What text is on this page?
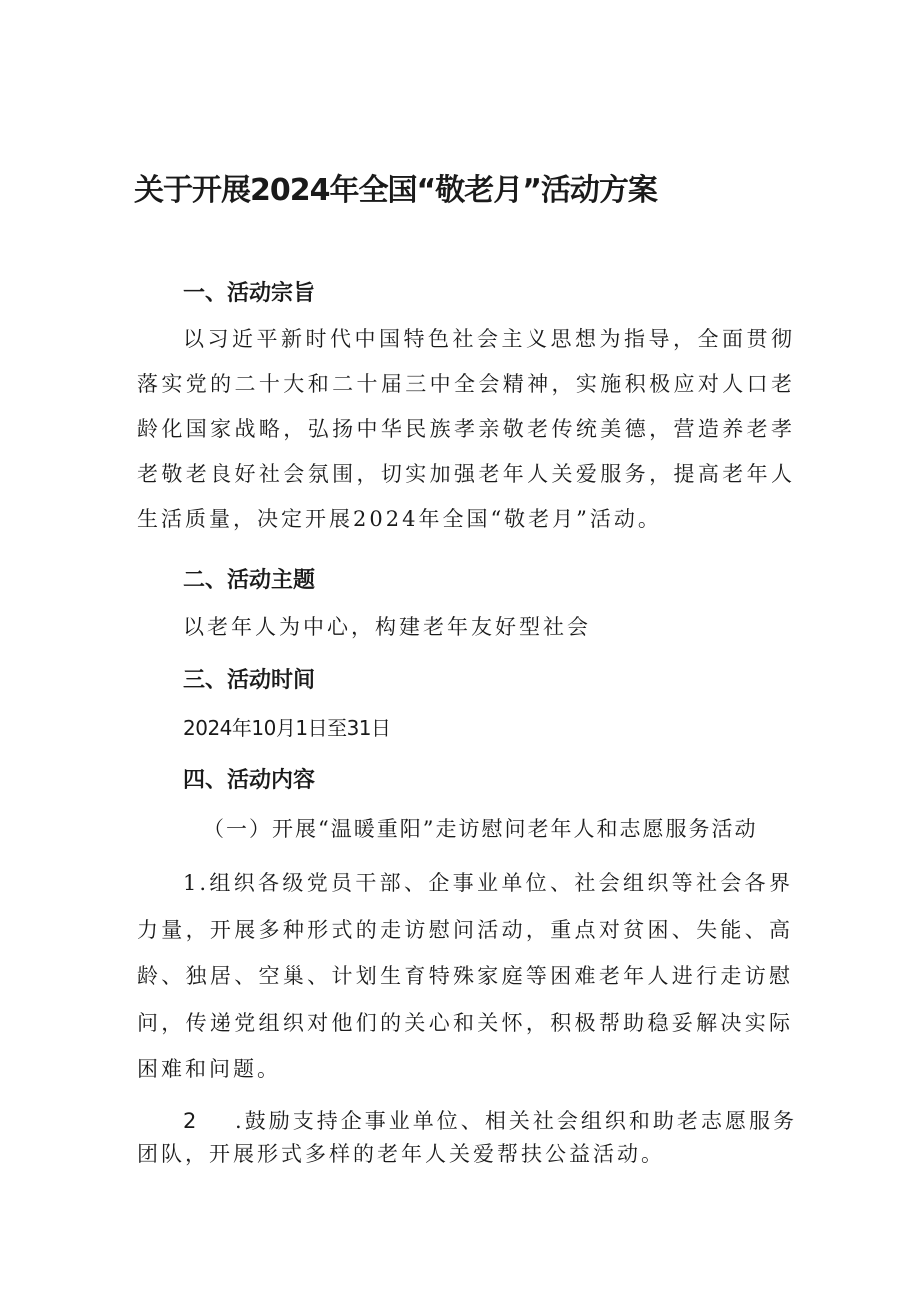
关于开展2024年全国“敬老月”活动方案
一、活动宗旨

以习近平新时代中国特色社会主义思想为指导，全面贯彻落实党的二十大和二十届三中全会精神，实施积极应对人口老龄化国家战略，弘扬中华民族孝亲敬老传统美德，营造养老孝老敬老良好社会氛围，切实加强老年人关爱服务，提高老年人生活质量，决定开展2024年全国“敬老月”活动。

二、活动主题

以老年人为中心，构建老年友好型社会

三、活动时间

2024年10月1日至31日

四、活动内容

（一）开展“温暖重阳”走访慰问老年人和志愿服务活动

1.组织各级党员干部、企事业单位、社会组织等社会各界力量，开展多种形式的走访慰问活动，重点对贫困、失能、高龄、独居、空巢、计划生育特殊家庭等困难老年人进行走访慰问，传递党组织对他们的关心和关怀，积极帮助稳妥解决实际困难和问题。

2 .鼓励支持企事业单位、相关社会组织和助老志愿服务团队，开展形式多样的老年人关爱帮扶公益活动。
